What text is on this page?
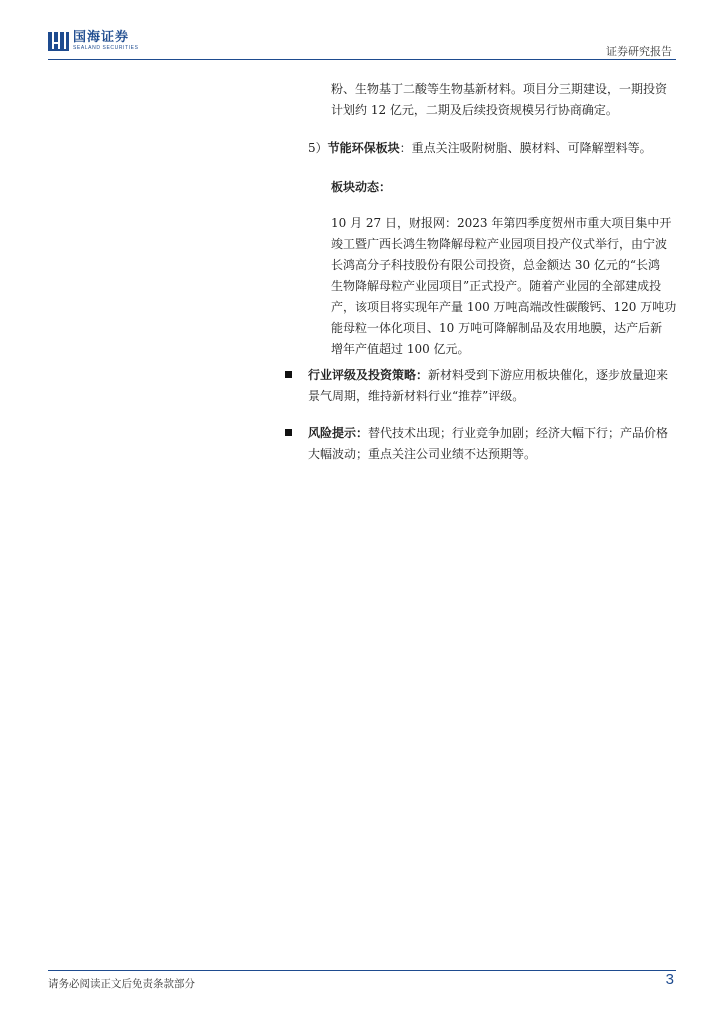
国海证券
SEALAND SECURITIES	证券研究报告
粉、生物基丁二酸等生物基新材料。项目分三期建设，一期投资
计划约 12 亿元，二期及后续投资规模另行协商确定。
5）节能环保板块：重点关注吸附树脂、膜材料、可降解塑料等。
板块动态：
10 月 27 日，财报网：2023 年第四季度贺州市重大项目集中开
竣工暨广西长鸿生物降解母粒产业园项目投产仪式举行，由宁波
长鸿高分子科技股份有限公司投资，总金额达 30 亿元的“长鸿
生物降解母粒产业园项目”正式投产。随着产业园的全部建成投
产，该项目将实现年产量 100 万吨高端改性碳酸钙、120 万吨功
能母粒一体化项目、10 万吨可降解制品及农用地膜，达产后新
增年产值超过 100 亿元。
行业评级及投资策略：新材料受到下游应用板块催化，逐步放量迎来
景气周期，维持新材料行业“推荐”评级。
风险提示：替代技术出现；行业竞争加剧；经济大幅下行；产品价格
大幅波动；重点关注公司业绩不达预期等。
请务必阅读正文后免责条款部分	3
